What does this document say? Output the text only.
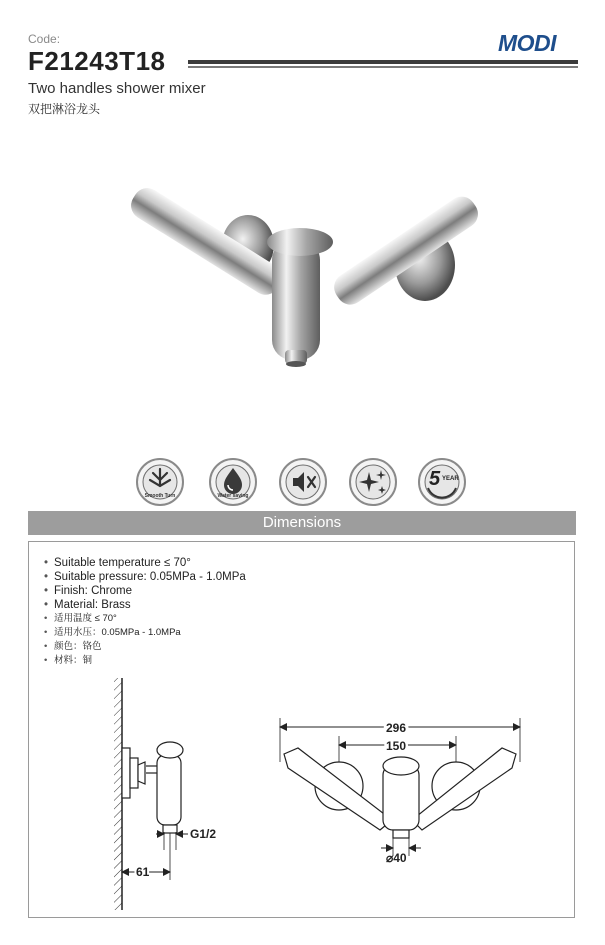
Code:
F21243T18
MODI
Two handles shower mixer
双把淋浴龙头
Smooth Turn	Water saving
5 YEAR
Dimensions
• Suitable temperature ≤ 70°
• Suitable pressure: 0.05MPa - 1.0MPa
• Finish: Chrome
• Material: Brass
• 适用温度 ≤ 70°
• 适用水压：0.05MPa - 1.0MPa
• 颜色：铬色
• 材料：铜
G1/2
61
296
150
⌀40
